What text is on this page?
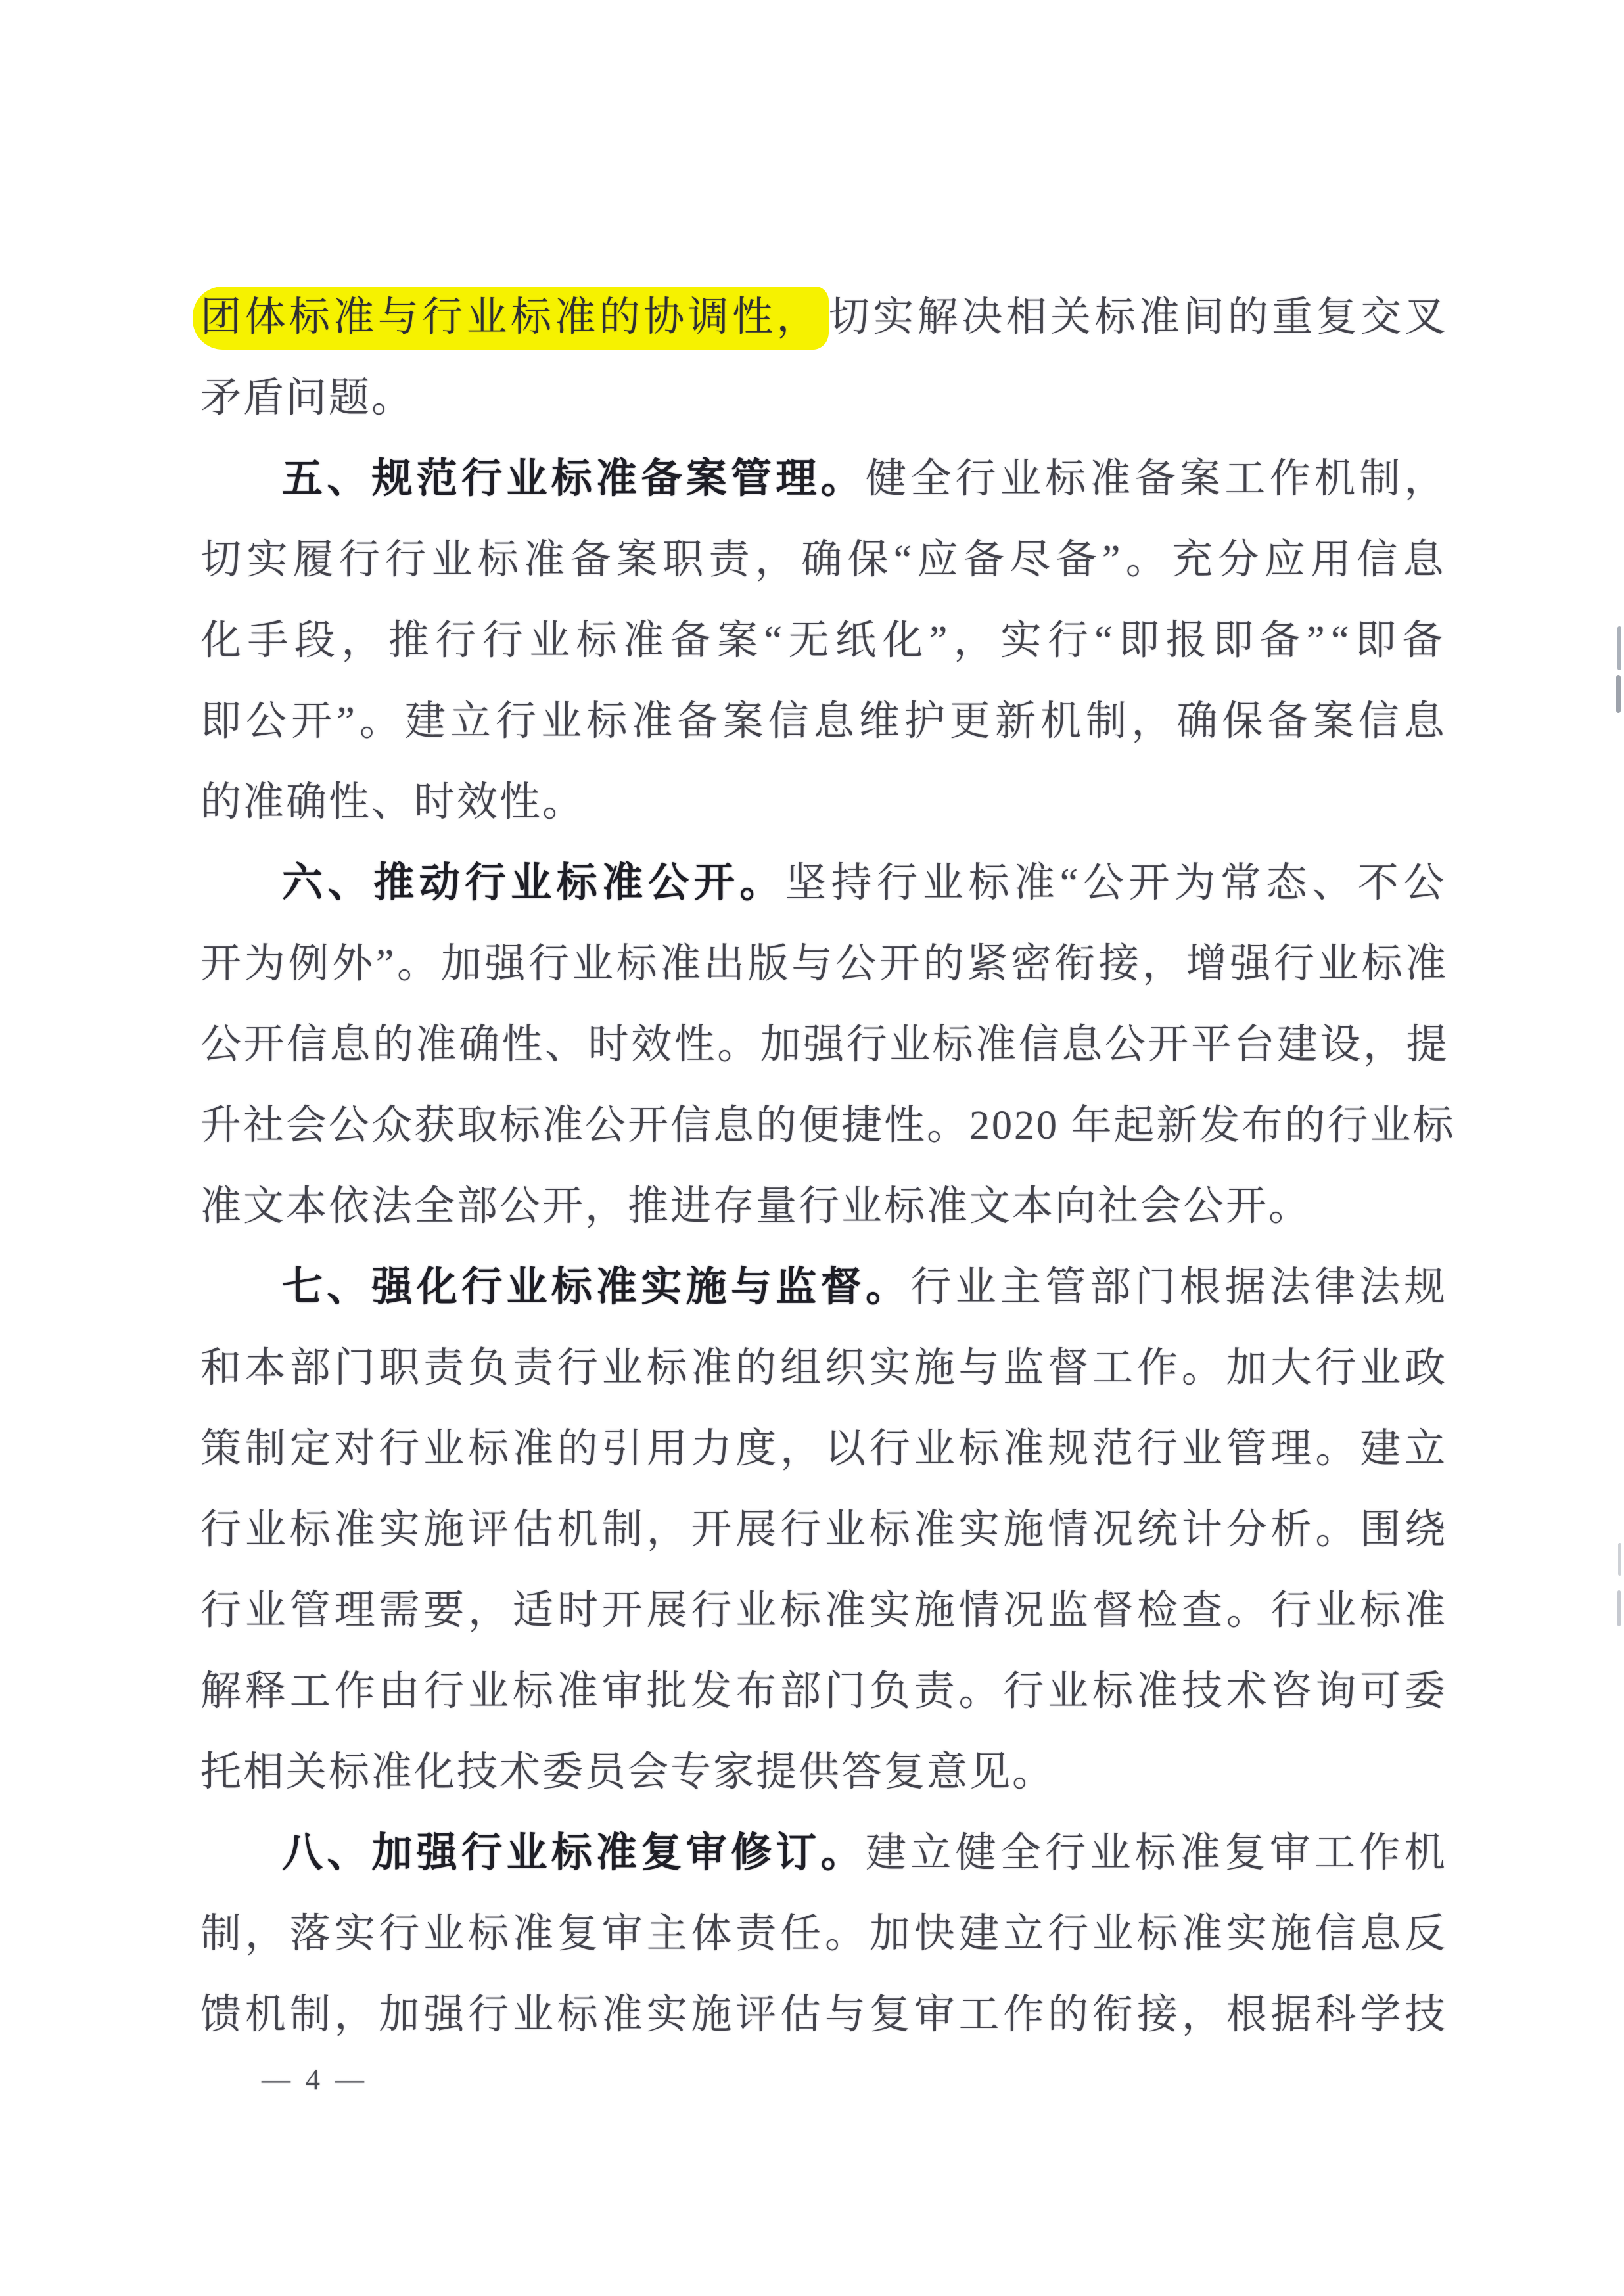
团体标准与行业标准的协调性， 切实解决相关标准间的重复交叉
矛盾问题。
五、规范行业标准备案管理。健全行业标准备案工作机制，
切实履行行业标准备案职责，确保“应备尽备”。充分应用信息
化手段，推行行业标准备案“无纸化”，实行“即报即备”“即备
即公开”。建立行业标准备案信息维护更新机制，确保备案信息
的准确性、时效性。
六、推动行业标准公开。坚持行业标准“公开为常态、不公
开为例外”。加强行业标准出版与公开的紧密衔接，增强行业标准
公开信息的准确性、时效性。加强行业标准信息公开平台建设，提
升社会公众获取标准公开信息的便捷性。2020 年起新发布的行业标
准文本依法全部公开，推进存量行业标准文本向社会公开。
七、强化行业标准实施与监督。行业主管部门根据法律法规
和本部门职责负责行业标准的组织实施与监督工作。加大行业政
策制定对行业标准的引用力度，以行业标准规范行业管理。建立
行业标准实施评估机制，开展行业标准实施情况统计分析。围绕
行业管理需要，适时开展行业标准实施情况监督检查。行业标准
解释工作由行业标准审批发布部门负责。行业标准技术咨询可委
托相关标准化技术委员会专家提供答复意见。
八、加强行业标准复审修订。建立健全行业标准复审工作机
制，落实行业标准复审主体责任。加快建立行业标准实施信息反
馈机制，加强行业标准实施评估与复审工作的衔接，根据科学技
— 4 —
